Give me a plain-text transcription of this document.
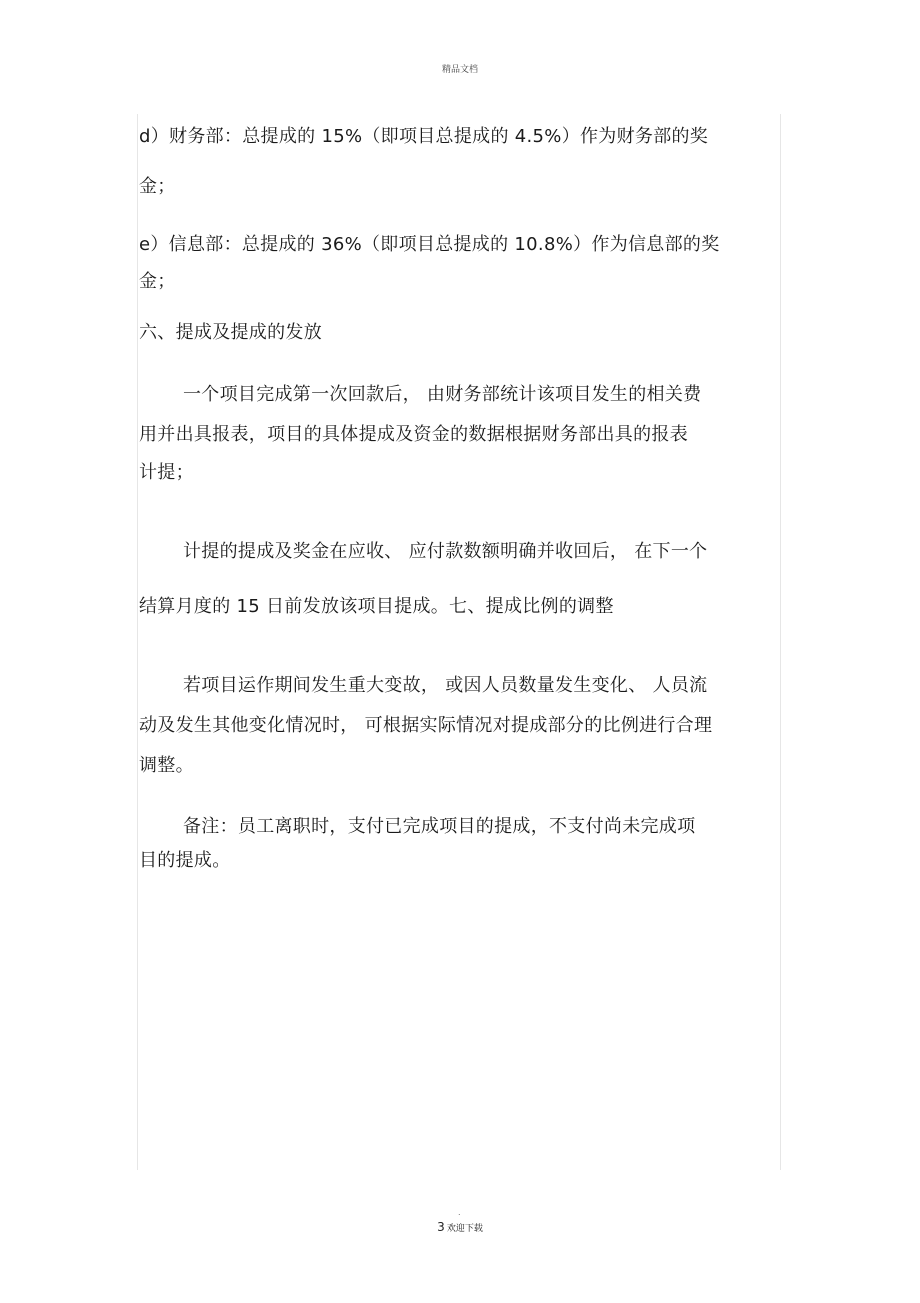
精品文档
d）财务部：总提成的 15%（即项目总提成的 4.5%）作为财务部的奖
金；
e）信息部：总提成的 36%（即项目总提成的 10.8%）作为信息部的奖
金；
六、提成及提成的发放
一个项目完成第一次回款后， 由财务部统计该项目发生的相关费
用并出具报表，项目的具体提成及资金的数据根据财务部出具的报表
计提；
计提的提成及奖金在应收、 应付款数额明确并收回后， 在下一个
结算月度的 15 日前发放该项目提成。七、提成比例的调整
若项目运作期间发生重大变故， 或因人员数量发生变化、 人员流
动及发生其他变化情况时， 可根据实际情况对提成部分的比例进行合理
调整。
备注：员工离职时，支付已完成项目的提成，不支付尚未完成项
目的提成。
.
3 欢迎下载
